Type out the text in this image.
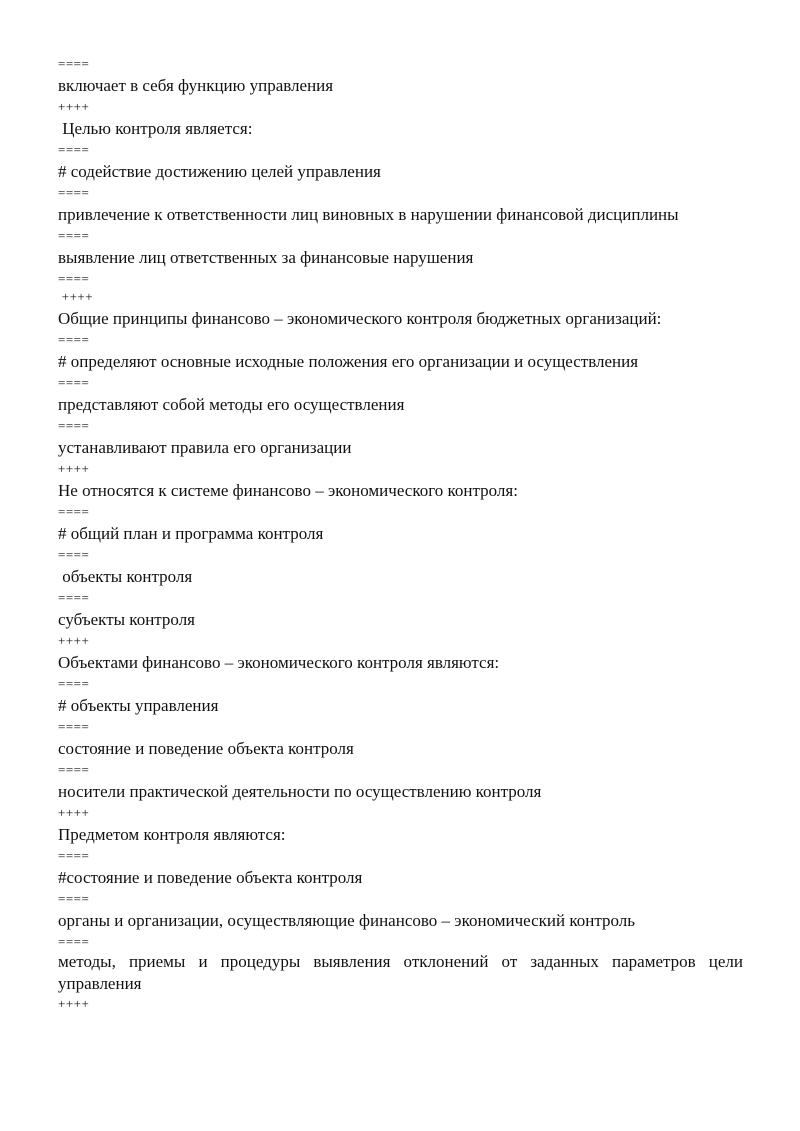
====
включает в себя функцию управления
++++
Целью контроля является:
====
# содействие достижению целей управления
====
привлечение к ответственности лиц виновных в нарушении финансовой дисциплины
====
выявление лиц ответственных за финансовые нарушения
====
++++
Общие принципы финансово – экономического контроля бюджетных организаций:
====
# определяют основные исходные положения его организации и осуществления
====
представляют собой методы его осуществления
====
устанавливают правила его организации
++++
Не относятся к системе финансово – экономического контроля:
====
# общий план и программа контроля
====
объекты контроля
====
субъекты контроля
++++
Объектами финансово – экономического контроля являются:
====
# объекты управления
====
состояние и поведение объекта контроля
====
носители практической деятельности по осуществлению контроля
++++
Предметом контроля являются:
====
#состояние и поведение объекта контроля
====
органы и организации, осуществляющие финансово – экономический контроль
====
методы, приемы и процедуры выявления отклонений от заданных параметров цели
управления
++++
